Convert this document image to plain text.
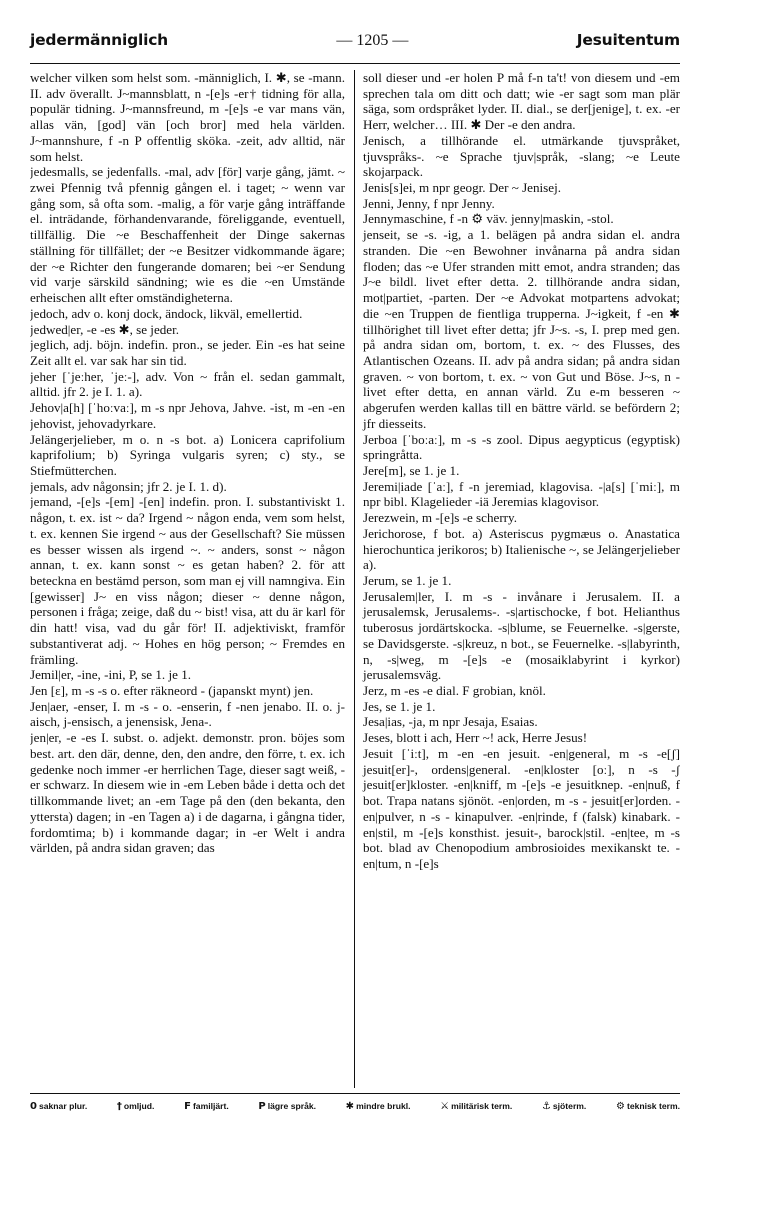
jedermänniglich	— 1205 —	Jesuitentum

welcher vilken som helst som. -männiglich, I. ✱, se -mann. II. adv överallt. J~mannsblatt, n -[e]s -er† tidning för alla, populär tidning. J~mannsfreund, m -[e]s -e var mans vän, allas vän, [god] vän [och bror] med hela världen. J~mannshure, f -n P offentlig sköka. -zeit, adv alltid, när som helst.

jedesmalls, se jedenfalls. -mal, adv [för] varje gång, jämt. ~ zwei Pfennig två pfennig gången el. i taget; ~ wenn var gång som, så ofta som. -malig, a för varje gång inträffande el. inträdande, förhandenvarande, föreliggande, eventuell, tillfällig. Die ~e Beschaffenheit der Dinge sakernas ställning för tillfället; der ~e Besitzer vidkommande ägare; der ~e Richter den fungerande domaren; bei ~er Sendung vid varje särskild sändning; wie es die ~en Umstände erheischen allt efter omständigheterna.

jedoch, adv o. konj dock, ändock, likväl, emellertid.

jedwed|er, -e -es ✱, se jeder.

jeglich, adj. böjn. indefin. pron., se jeder. Ein -es hat seine Zeit allt el. var sak har sin tid.

jeher [ˈjeːher, ˈjeː-], adv. Von ~ från el. sedan gammalt, alltid. jfr 2. je I. 1. a).

Jehov|a[h] [ˈhoːvaː], m -s npr Jehova, Jahve. -ist, m -en -en jehovist, jehovadyrkare.

Jelängerjelieber, m o. n -s bot. a) Lonicera caprifolium kaprifolium; b) Syringa vulgaris syren; c) sty., se Stiefmütterchen.

jemals, adv någonsin; jfr 2. je I. 1. d).

jemand, -[e]s -[em] -[en] indefin. pron. I. substantiviskt 1. någon, t. ex. ist ~ da? Irgend ~ någon enda, vem som helst, t. ex. kennen Sie irgend ~ aus der Gesellschaft? Sie müssen es besser wissen als irgend ~. ~ anders, sonst ~ någon annan, t. ex. kann sonst ~ es getan haben? 2. för att beteckna en bestämd person, som man ej vill namngiva. Ein [gewisser] J~ en viss någon; dieser ~ denne någon, personen i fråga; zeige, daß du ~ bist! visa, att du är karl för din hatt! visa, vad du går för! II. adjektiviskt, framför substantiverat adj. ~ Hohes en hög person; ~ Fremdes en främling.

Jemil|er, -ine, -ini, P, se 1. je 1.

Jen [ɛ], m -s -s o. efter räkneord - (japanskt mynt) jen.

Jen|aer, -enser, I. m -s - o. -enserin, f -nen jenabo. II. o. j-aisch, j-ensisch, a jenensisk, Jena-.

jen|er, -e -es I. subst. o. adjekt. demonstr. pron. böjes som best. art. den där, denne, den, den andre, den förre, t. ex. ich gedenke noch immer -er herrlichen Tage, dieser sagt weiß, -er schwarz. In diesem wie in -em Leben både i detta och det tillkommande livet; an -em Tage på den (den bekanta, den yttersta) dagen; in -en Tagen a) i de dagarna, i gångna tider, fordomtima; b) i kommande dagar; in -er Welt i andra världen, på andra sidan graven; das

soll dieser und -er holen P må f-n ta't! von diesem und -em sprechen tala om ditt och datt; wie -er sagt som man plär säga, som ordspråket lyder. II. dial., se der[jenige], t. ex. -er Herr, welcher… III. ✱ Der -e den andra.

Jenisch, a tillhörande el. utmärkande tjuvspråket, tjuvspråks-. ~e Sprache tjuv|språk, -slang; ~e Leute skojarpack.

Jenis[s]ei, m npr geogr. Der ~ Jenisej.

Jenni, Jenny, f npr Jenny.

Jennymaschine, f -n ⚙ väv. jenny|maskin, -stol.

jenseit, se -s. -ig, a 1. belägen på andra sidan el. andra stranden. Die ~en Bewohner invånarna på andra sidan floden; das ~e Ufer stranden mitt emot, andra stranden; das J~e bildl. livet efter detta. 2. tillhörande andra sidan, mot|partiet, -parten. Der ~e Advokat motpartens advokat; die ~en Truppen de fientliga trupperna. J~igkeit, f -en ✱ tillhörighet till livet efter detta; jfr J~s. -s, I. prep med gen. på andra sidan om, bortom, t. ex. ~ des Flusses, des Atlantischen Ozeans. II. adv på andra sidan; på andra sidan graven. ~ von bortom, t. ex. ~ von Gut und Böse. J~s, n - livet efter detta, en annan värld. Zu e-m besseren ~ abgerufen werden kallas till en bättre värld. se befördern 2; jfr diesseits.

Jerboa [ˈboːaː], m -s -s zool. Dipus aegypticus (egyptisk) springråtta.

Jere[m], se 1. je 1.

Jeremi|iade [ˈaː], f -n jeremiad, klagovisa. -|a[s] [ˈmiː], m npr bibl. Klagelieder -iä Jeremias klagovisor.

Jerezwein, m -[e]s -e scherry.

Jerichorose, f bot. a) Asteriscus pygmæus o. Anastatica hierochuntica jerikoros; b) Italienische ~, se Jelängerjelieber a).

Jerum, se 1. je 1.

Jerusalem|ler, I. m -s - invånare i Jerusalem. II. a jerusalemsk, Jerusalems-. -s|artischocke, f bot. Helianthus tuberosus jordärtskocka. -s|blume, se Feuernelke. -s|gerste, se Davidsgerste. -s|kreuz, n bot., se Feuernelke. -s|labyrinth, n, -s|weg, m -[e]s -e (mosaiklabyrint i kyrkor) jerusalemsväg.

Jerz, m -es -e dial. F grobian, knöl.

Jes, se 1. je 1.

Jesa|ias, -ja, m npr Jesaja, Esaias.

Jeses, blott i ach, Herr ~! ack, Herre Jesus!

Jesuit [ˈiːt], m -en -en jesuit. -en|general, m -s -e[ʃ] jesuit[er]-, ordens|general. -en|kloster [oː], n -s -ʃ jesuit[er]kloster. -en|kniff, m -[e]s -e jesuitknep. -en|nuß, f bot. Trapa natans sjönöt. -en|orden, m -s - jesuit[er]orden. -en|pulver, n -s - kinapulver. -en|rinde, f (falsk) kinabark. -en|stil, m -[e]s konsthist. jesuit-, barock|stil. -en|tee, m -s bot. blad av Chenopodium ambrosioides mexikanskt te. -en|tum, n -[e]s

0 saknar plur.	† omljud.	F familjärt.	P lägre språk.	✱ mindre brukl.	⚔ militärisk term.	⚓ sjöterm.	⚙ teknisk term.
